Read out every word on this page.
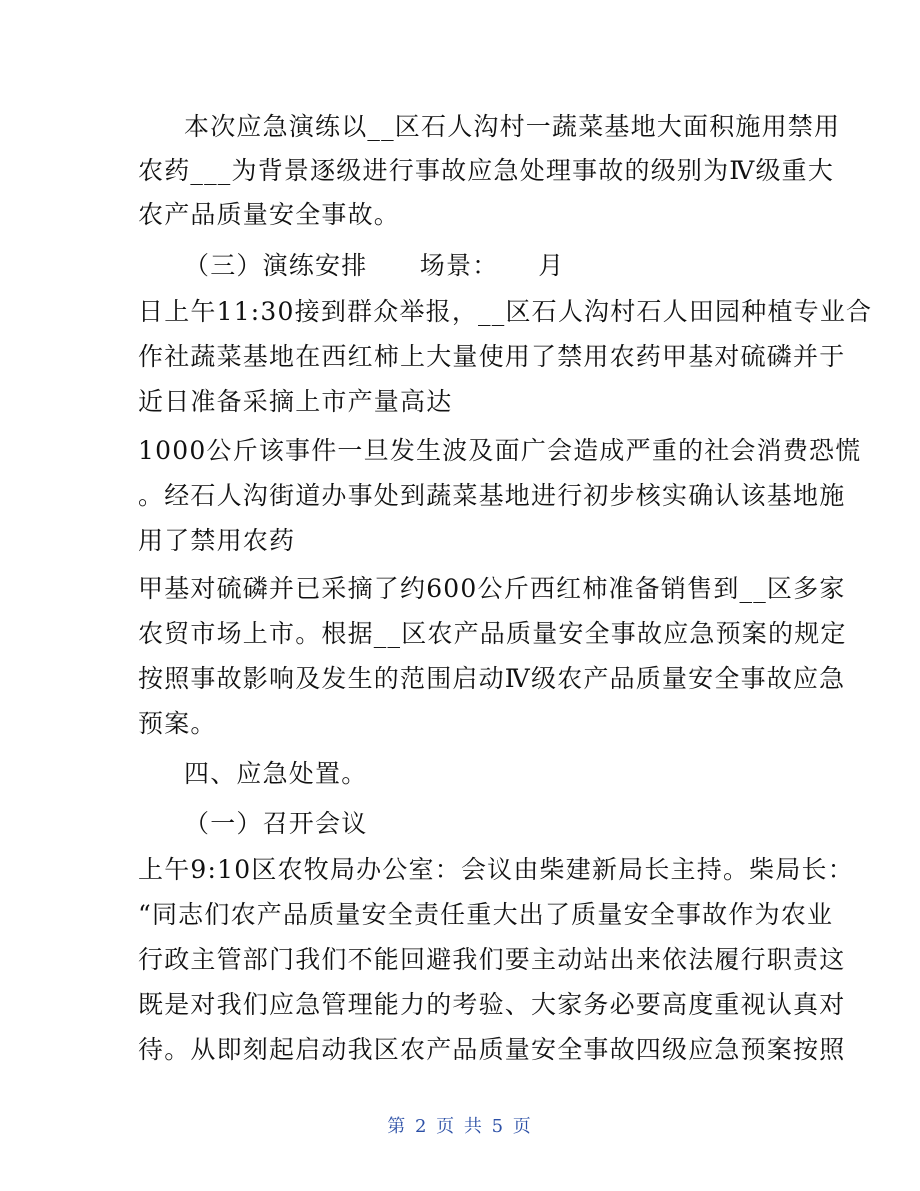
本次应急演练以__区石人沟村一蔬菜基地大面积施用禁用
农药___为背景逐级进行事故应急处理事故的级别为Ⅳ级重大
农产品质量安全事故。
（三）演练安排　　场景：　　月
日上午11:30接到群众举报，__区石人沟村石人田园种植专业合
作社蔬菜基地在西红柿上大量使用了禁用农药甲基对硫磷并于
近日准备采摘上市产量高达
1000公斤该事件一旦发生波及面广会造成严重的社会消费恐慌
。经石人沟街道办事处到蔬菜基地进行初步核实确认该基地施
用了禁用农药
甲基对硫磷并已采摘了约600公斤西红柿准备销售到__区多家
农贸市场上市。根据__区农产品质量安全事故应急预案的规定
按照事故影响及发生的范围启动Ⅳ级农产品质量安全事故应急
预案。
四、应急处置。
（一）召开会议
上午9:10区农牧局办公室：会议由柴建新局长主持。柴局长：
“同志们农产品质量安全责任重大出了质量安全事故作为农业
行政主管部门我们不能回避我们要主动站出来依法履行职责这
既是对我们应急管理能力的考验、大家务必要高度重视认真对
待。从即刻起启动我区农产品质量安全事故四级应急预案按照
第 2 页 共 5 页
